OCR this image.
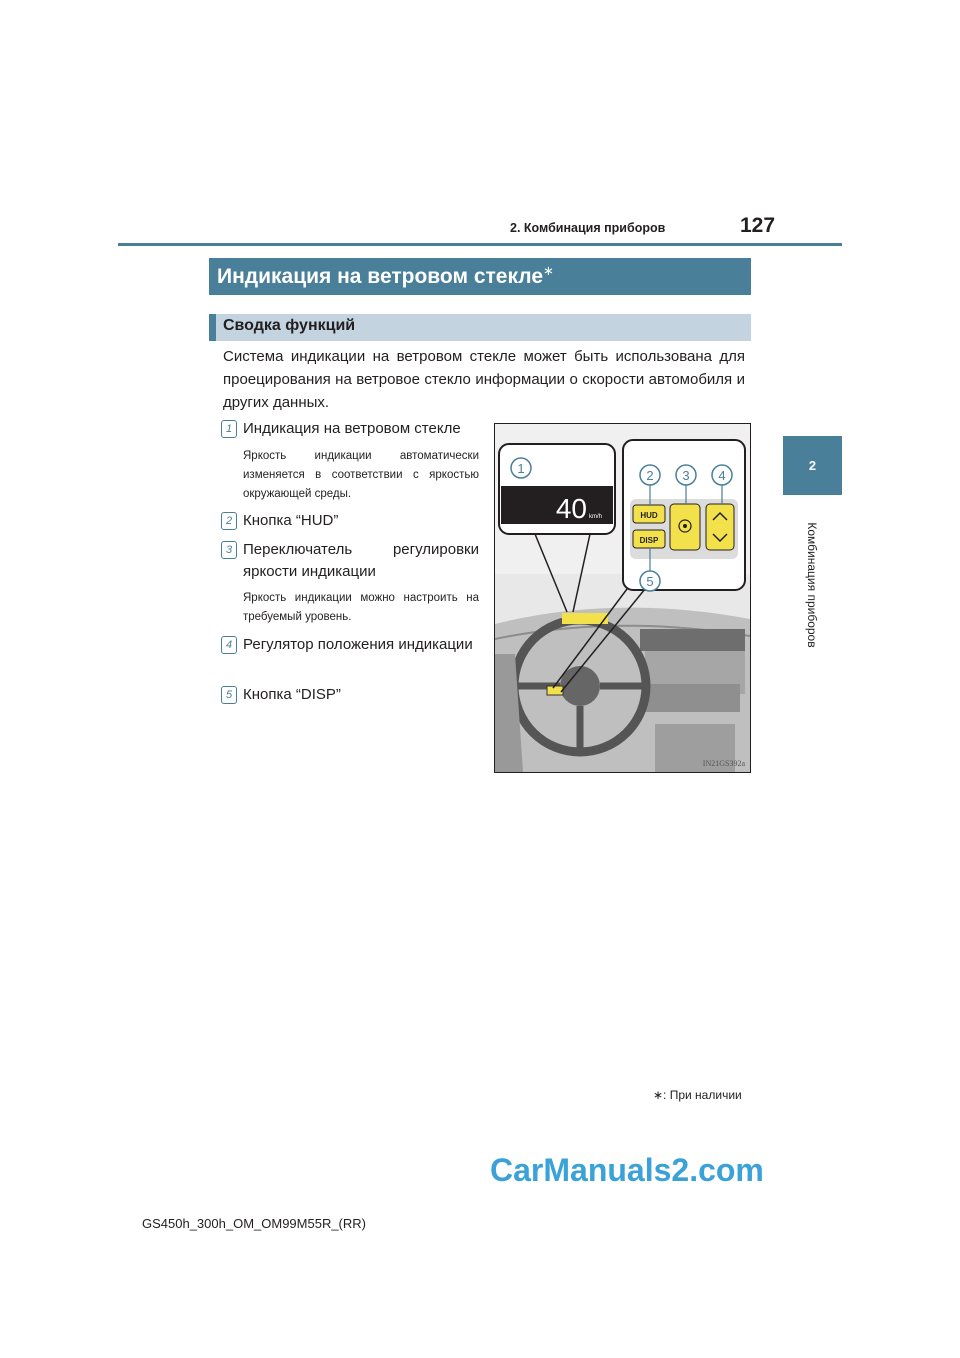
2. Комбинация приборов	127
2
Комбинация приборов
Индикация на ветровом стекле∗
Сводка функций
Система индикации на ветровом стекле может быть использована для проецирования на ветровое стекло информации о скорости автомобиля и других данных.
1 Индикация на ветровом стекле
Яркость индикации автоматически изменяется в соответствии с яркостью окружающей среды.
2 Кнопка “HUD”
3 Переключатель регулировки яркости индикации
Яркость индикации можно настроить на требуемый уровень.
4 Регулятор положения индикации
5 Кнопка “DISP”
1	2 3 4
5
40 km/h	HUD
DISP
IN21GS392a
∗: При наличии
CarManuals2.com
GS450h_300h_OM_OM99M55R_(RR)
